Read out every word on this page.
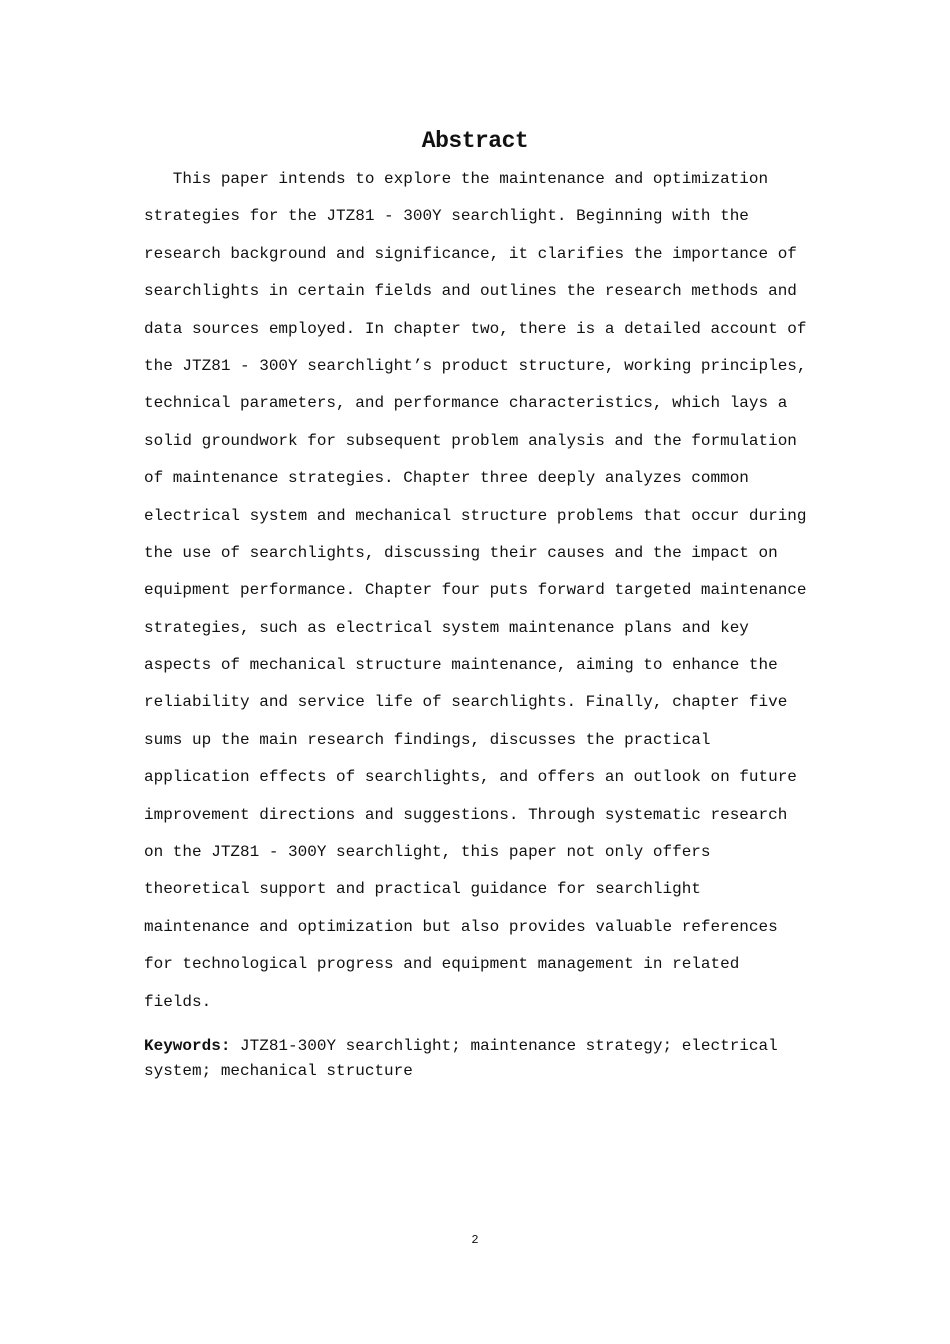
Abstract
This paper intends to explore the maintenance and optimization
strategies for the JTZ81 - 300Y searchlight. Beginning with the
research background and significance, it clarifies the importance of
searchlights in certain fields and outlines the research methods and
data sources employed. In chapter two, there is a detailed account of
the JTZ81 - 300Y searchlight’s product structure, working principles,
technical parameters, and performance characteristics, which lays a
solid groundwork for subsequent problem analysis and the formulation
of maintenance strategies. Chapter three deeply analyzes common
electrical system and mechanical structure problems that occur during
the use of searchlights, discussing their causes and the impact on
equipment performance. Chapter four puts forward targeted maintenance
strategies, such as electrical system maintenance plans and key
aspects of mechanical structure maintenance, aiming to enhance the
reliability and service life of searchlights. Finally, chapter five
sums up the main research findings, discusses the practical
application effects of searchlights, and offers an outlook on future
improvement directions and suggestions. Through systematic research
on the JTZ81 - 300Y searchlight, this paper not only offers
theoretical support and practical guidance for searchlight
maintenance and optimization but also provides valuable references
for technological progress and equipment management in related
fields.
Keywords: JTZ81-300Y searchlight; maintenance strategy; electrical
system; mechanical structure
2
